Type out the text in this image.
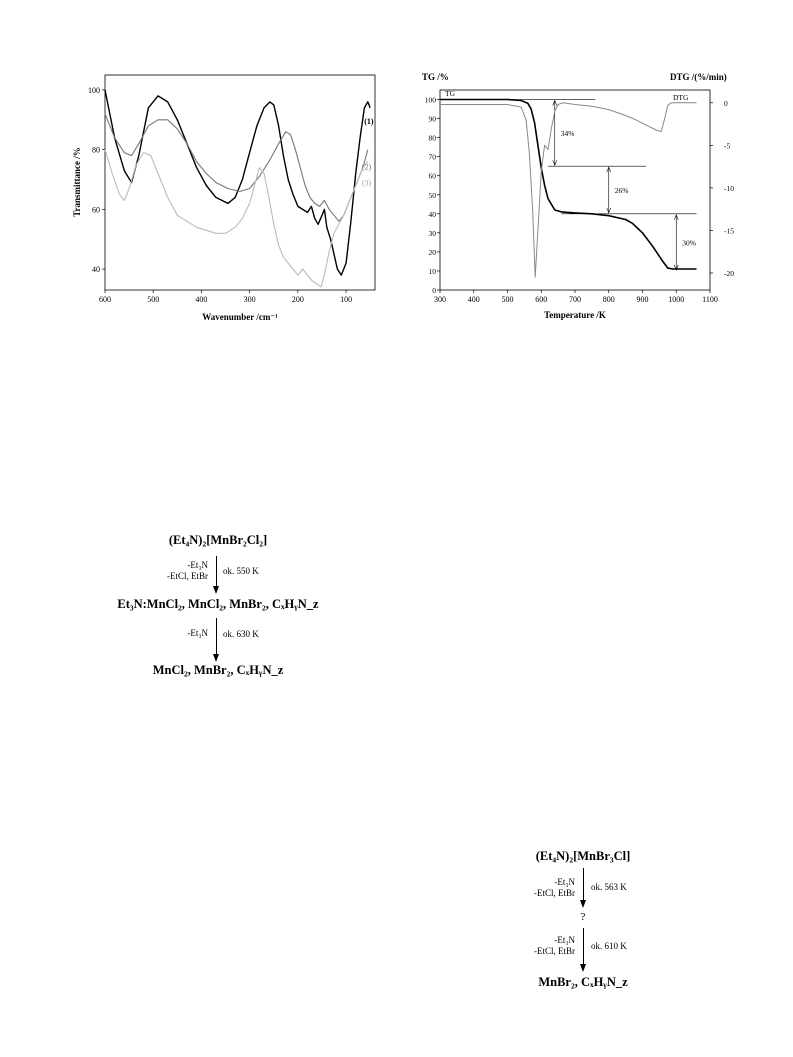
600	500	400	300	200	100
40
60
80
100
(1)
(2)
(3)
Wavenumber /cm⁻¹
Transmittance /%
300	400	500	600	700	800	900 1000 1100
0
10
20
30
40
50
60
70
80
90
100	0
-5
-10
-15
-20
34%
26%
30%
TG /%	DTG /(%/min)
TG	DTG
Temperature /K
(Et₄N)₂[MnBr₂Cl₂]
-Et₃N
-EtCl, EtBr ok. 550 K
Et₃N:MnCl₂, MnCl₂, MnBr₂, CₓHᵧN_z
-Et₃N ok. 630 K
MnCl₂, MnBr₂, CₓHᵧN_z
(Et₄N)₂[MnBr₃Cl]
-Et₃N
-EtCl, EtBr
ok. 563 K
?
-Et₃N
-EtCl, EtBr ok. 610 K
MnBr₂, CₓHᵧN_z
